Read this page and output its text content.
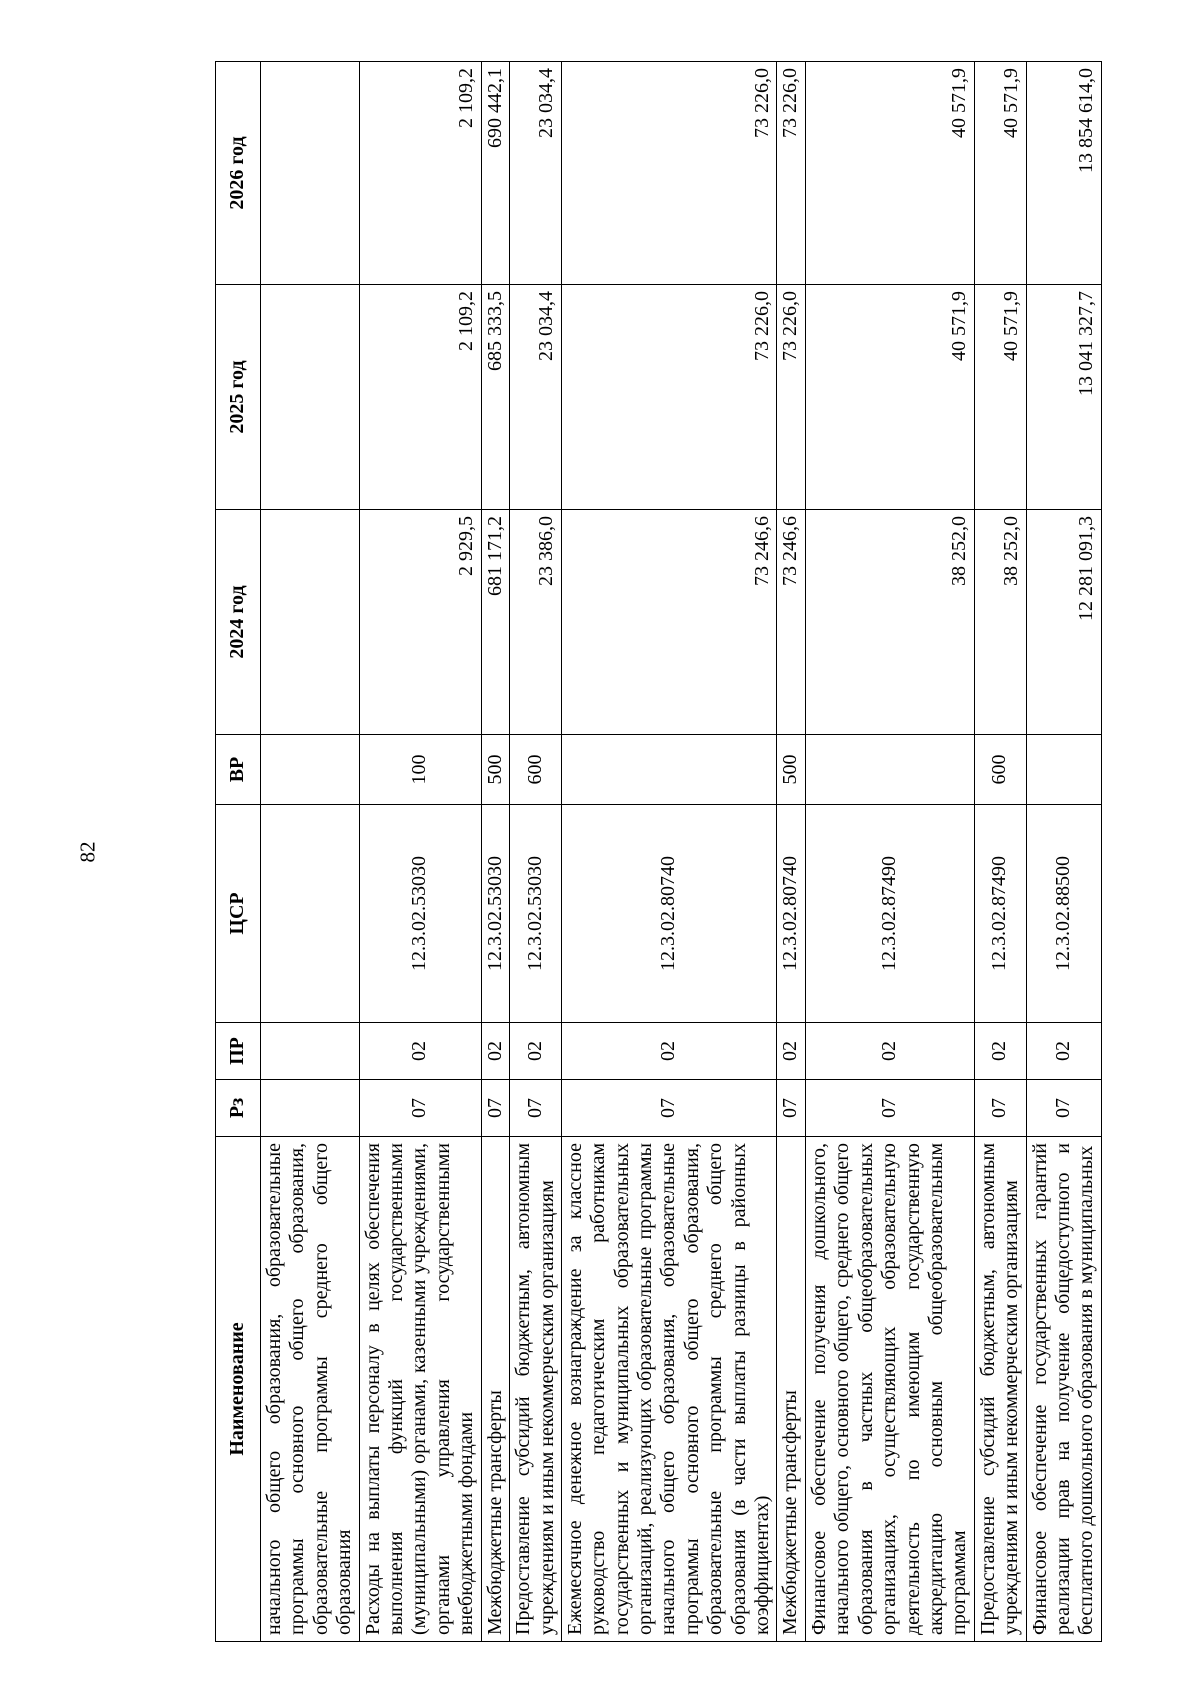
82
Наименование	Рз	ПР	ЦСР	ВР	2024 год	2025 год	2026 год

начального общего образования, образовательные программы основного общего образования, образовательные программы среднего общего образования							

Расходы на выплаты персоналу в целях обеспечения выполнения функций государственными (муниципальными) органами, казенными учреждениями, органами управления государственными внебюджетными фондами	07	02	12.3.02.53030	100	2 929,5	2 109,2	2 109,2

Межбюджетные трансферты	07	02	12.3.02.53030	500	681 171,2	685 333,5	690 442,1

Предоставление субсидий бюджетным, автономным учреждениям и иным некоммерческим организациям	07	02	12.3.02.53030	600	23 386,0	23 034,4	23 034,4

Ежемесячное денежное вознаграждение за классное руководство педагогическим работникам государственных и муниципальных образовательных организаций, реализующих образовательные программы начального общего образования, образовательные программы основного общего образования, образовательные программы среднего общего образования (в части выплаты разницы в районных коэффициентах)	07	02	12.3.02.80740		73 246,6	73 226,0	73 226,0

Межбюджетные трансферты	07	02	12.3.02.80740	500	73 246,6	73 226,0	73 226,0

Финансовое обеспечение получения дошкольного, начального общего, основного общего, среднего общего образования в частных общеобразовательных организациях, осуществляющих образовательную деятельность по имеющим государственную аккредитацию основным общеобразовательным программам	07	02	12.3.02.87490		38 252,0	40 571,9	40 571,9

Предоставление субсидий бюджетным, автономным учреждениям и иным некоммерческим организациям	07	02	12.3.02.87490	600	38 252,0	40 571,9	40 571,9

Финансовое обеспечение государственных гарантий реализации прав на получение общедоступного и бесплатного дошкольного образования в муниципальных	07	02	12.3.02.88500		12 281 091,3	13 041 327,7	13 854 614,0
